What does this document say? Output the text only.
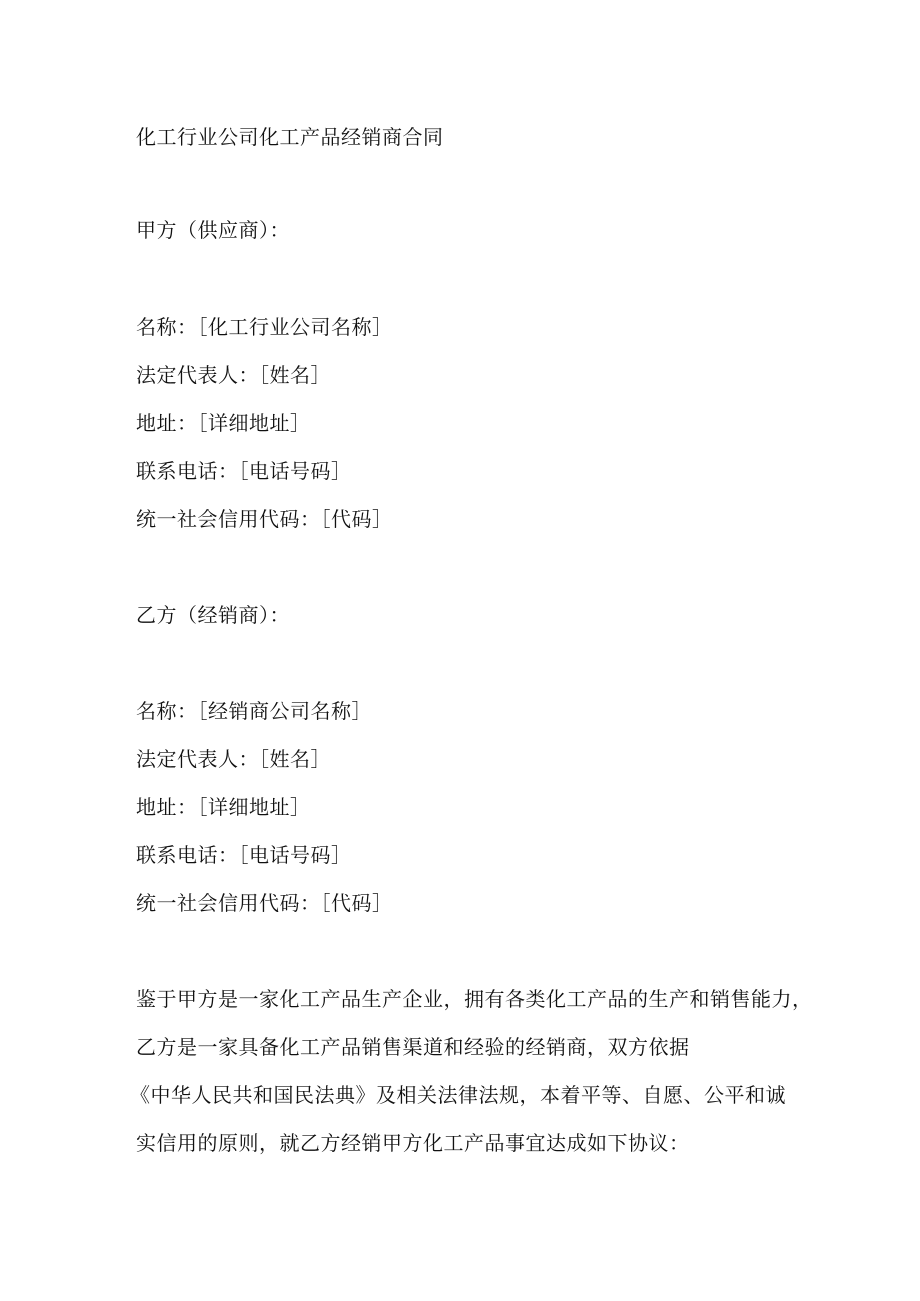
化工行业公司化工产品经销商合同
甲方（供应商）：
名称：［化工行业公司名称］
法定代表人：［姓名］
地址：［详细地址］
联系电话：［电话号码］
统一社会信用代码：［代码］
乙方（经销商）：
名称：［经销商公司名称］
法定代表人：［姓名］
地址：［详细地址］
联系电话：［电话号码］
统一社会信用代码：［代码］
鉴于甲方是一家化工产品生产企业，拥有各类化工产品的生产和销售能力，
乙方是一家具备化工产品销售渠道和经验的经销商，双方依据
《中华人民共和国民法典》及相关法律法规，本着平等、自愿、公平和诚
实信用的原则，就乙方经销甲方化工产品事宜达成如下协议：
